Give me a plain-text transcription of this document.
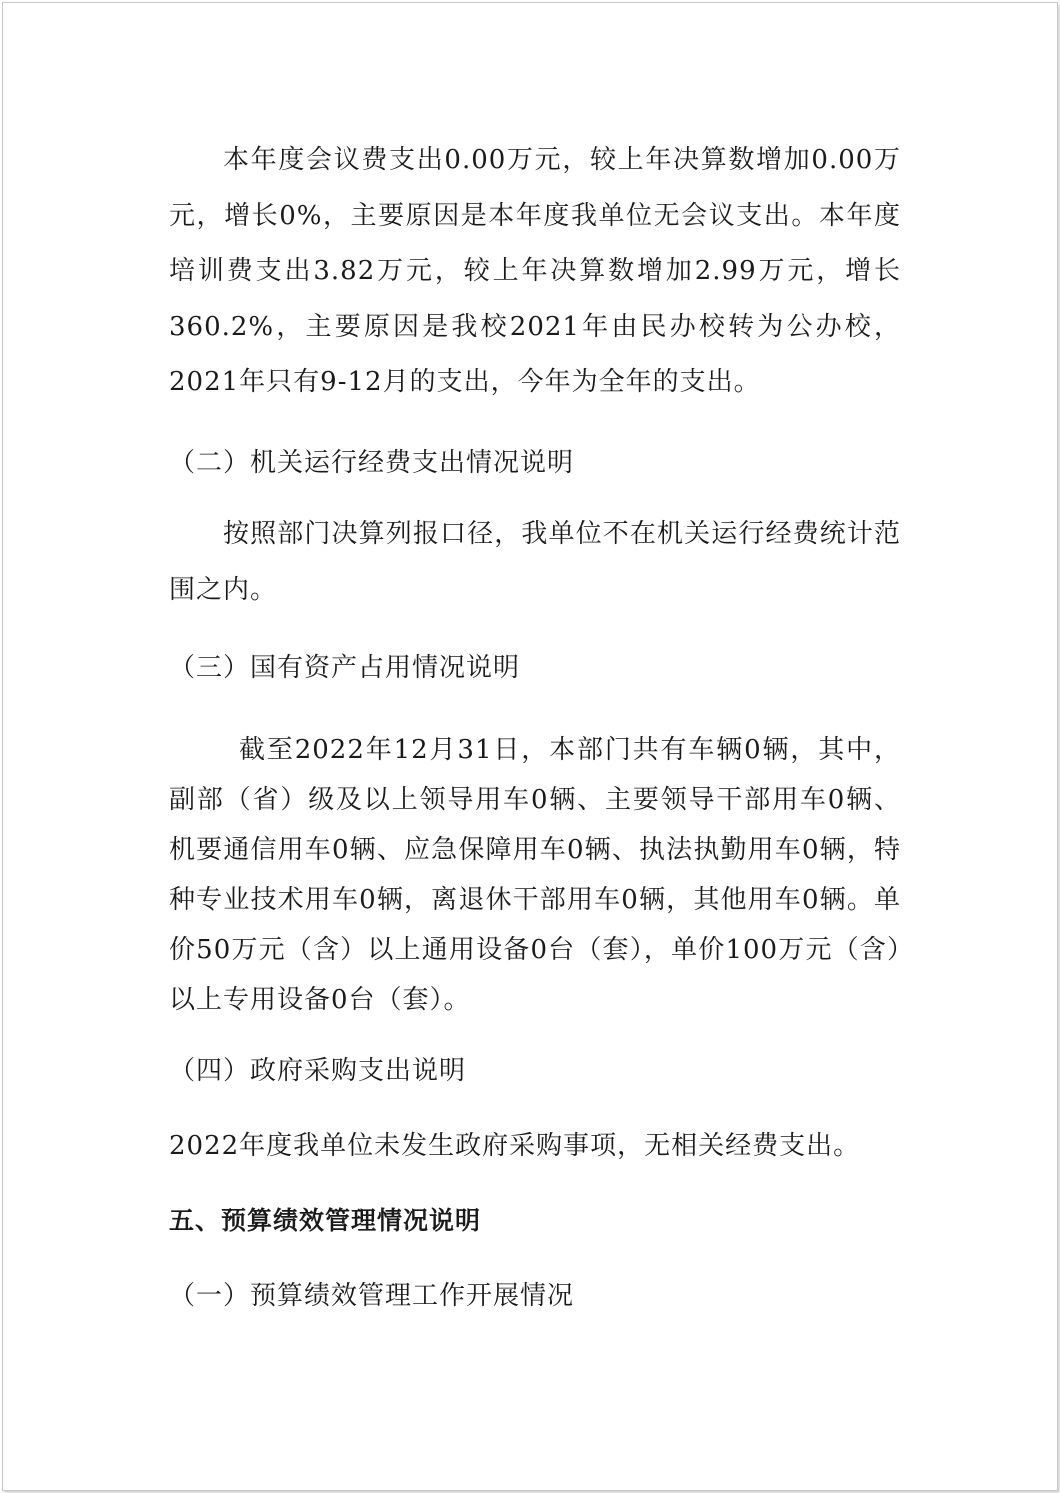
本年度会议费支出0.00万元，较上年决算数增加0.00万元，增长0%，主要原因是本年度我单位无会议支出。本年度培训费支出3.82万元，较上年决算数增加2.99万元，增长360.2%，主要原因是我校2021年由民办校转为公办校，2021年只有9-12月的支出，今年为全年的支出。

（二）机关运行经费支出情况说明

按照部门决算列报口径，我单位不在机关运行经费统计范围之内。

（三）国有资产占用情况说明

截至2022年12月31日，本部门共有车辆0辆，其中，副部（省）级及以上领导用车0辆、主要领导干部用车0辆、机要通信用车0辆、应急保障用车0辆、执法执勤用车0辆，特种专业技术用车0辆，离退休干部用车0辆，其他用车0辆。单价50万元（含）以上通用设备0台（套），单价100万元（含）以上专用设备0台（套）。

（四）政府采购支出说明
2022年度我单位未发生政府采购事项，无相关经费支出。
五、预算绩效管理情况说明
（一）预算绩效管理工作开展情况
